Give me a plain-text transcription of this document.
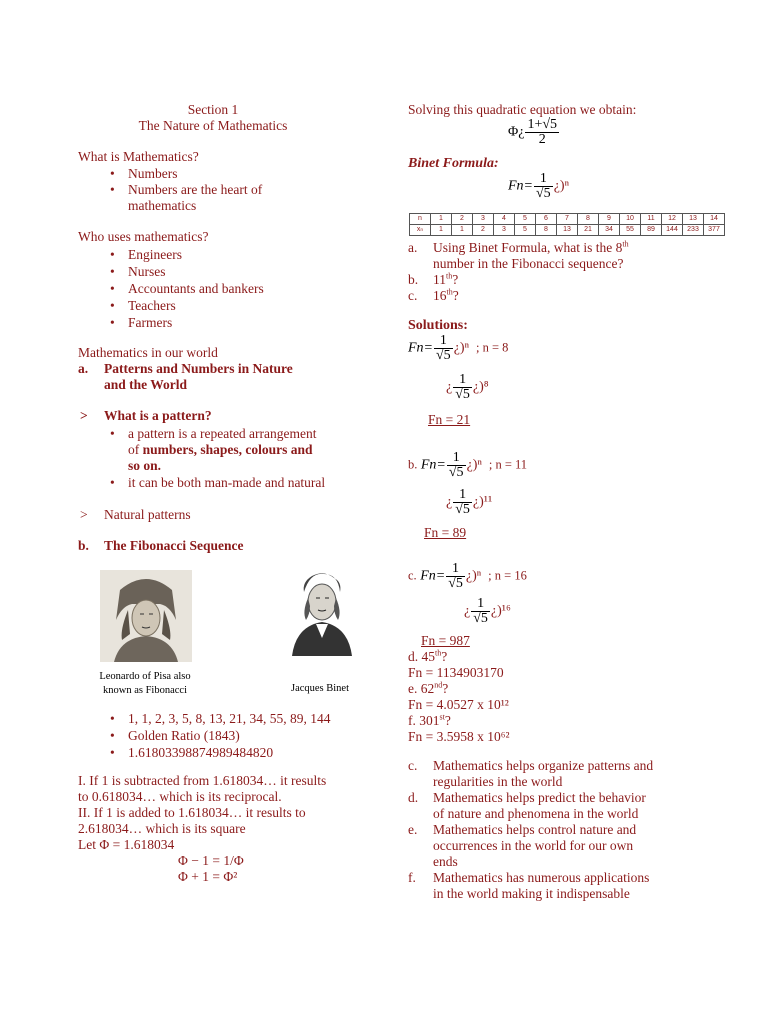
Section 1
The Nature of Mathematics
What is Mathematics?
• Numbers
• Numbers are the heart of
mathematics
Who uses mathematics?
• Engineers
• Nurses
• Accountants and bankers
• Teachers
• Farmers
Mathematics in our world
a. Patterns and Numbers in Nature
and the World
> What is a pattern?
• a pattern is a repeated arrangement
of numbers, shapes, colours and
so on.
• it can be both man-made and natural
> Natural patterns
b. The Fibonacci Sequence
Leonardo of Pisa also
known as Fibonacci	Jacques Binet
• 1, 1, 2, 3, 5, 8, 13, 21, 34, 55, 89, 144
• Golden Ratio (1843)
• 1.6180339887498948482​0
I. If 1 is subtracted from 1.618034… it results
to 0.618034… which is its reciprocal.
II. If 1 is added to 1.618034… it results to
2.618034… which is its square
Let Φ = 1.618034
Φ − 1 = 1/Φ
Φ + 1 = Φ²
Solving this quadratic equation we obtain:
Φ¿ $\frac{1+√5}{2}$
Binet Formula:
$Fn= \frac{1}{√5}$ ¿)ⁿ
n	1	2	3	4	5	6	7	8	9	10	11	12	13	14
xₙ	1	1	2	3	5	8	13	21	34	55	89	144	233	377
a. Using Binet Formula, what is the 8th
number in the Fibonacci sequence?
b. 11th?
c. 16th?
Solutions:
$Fn= \frac{1}{√5}$ ¿)ⁿ ; n = 8
¿ $\frac{1}{√5}$ ¿)⁸
Fn = 21
b. $Fn= \frac{1}{√5}$ ¿)ⁿ ; n = 11
¿ $\frac{1}{√5}$ ¿)¹¹
Fn = 89
c. $Fn= \frac{1}{√5}$ ¿)ⁿ ; n = 16
¿ $\frac{1}{√5}$ ¿)¹⁶
Fn = 987
d. 45th?
Fn = 1134903170
e. 62nd?
Fn = 4.0527 x 10¹²
f. 301st?
Fn = 3.5958 x 10⁶²
c. Mathematics helps organize patterns and
regularities in the world
d. Mathematics helps predict the behavior
of nature and phenomena in the world
e. Mathematics helps control nature and
occurrences in the world for our own
ends
f. Mathematics has numerous applications
in the world making it indispensable
